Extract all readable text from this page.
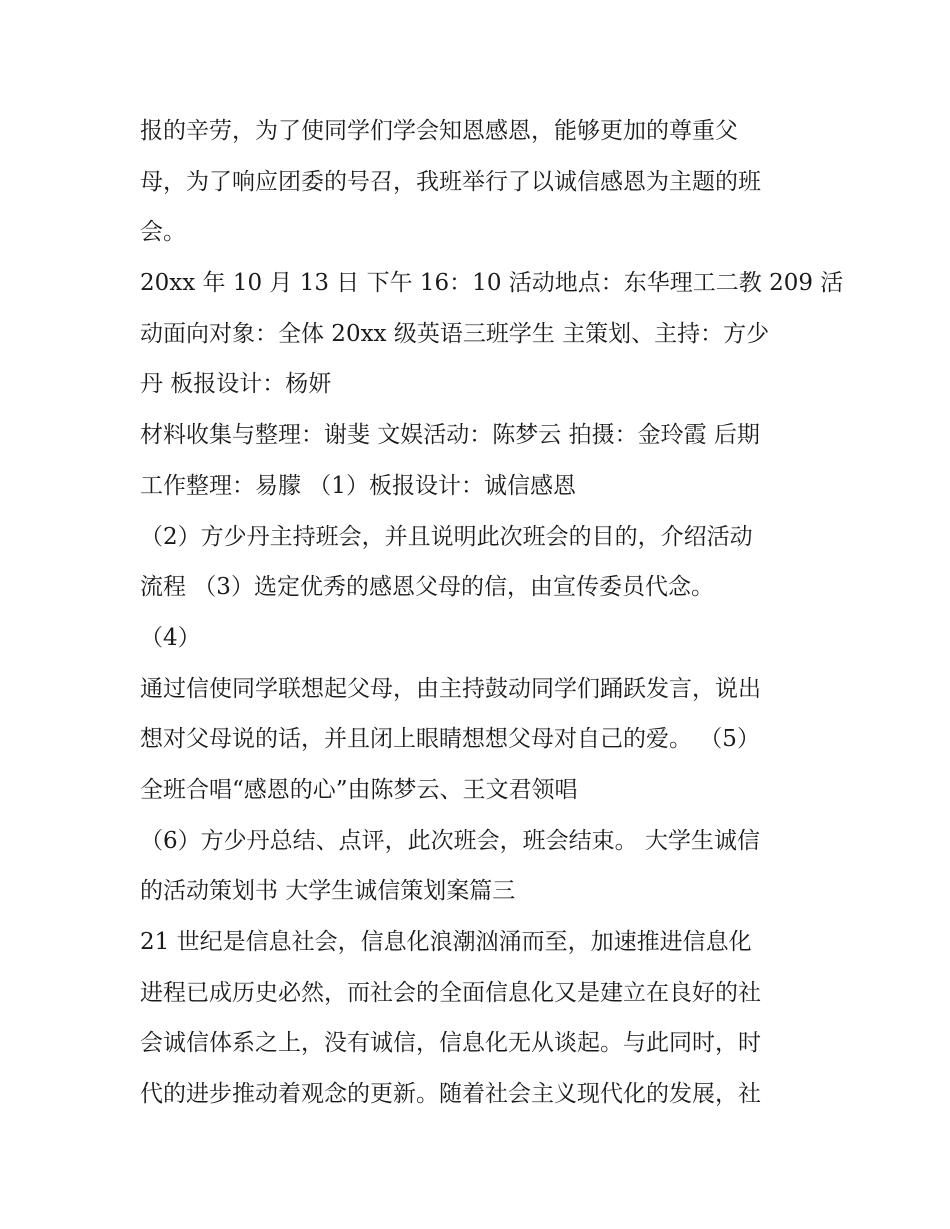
报的辛劳，为了使同学们学会知恩感恩，能够更加的尊重父
母，为了响应团委的号召，我班举行了以诚信感恩为主题的班
会。
20xx 年 10 月 13 日 下午 16：10 活动地点：东华理工二教 209 活
动面向对象：全体 20xx 级英语三班学生 主策划、主持：方少
丹 板报设计：杨妍
材料收集与整理：谢斐 文娱活动：陈梦云 拍摄：金玲霞 后期
工作整理：易朦 （1）板报设计：诚信感恩
（2）方少丹主持班会，并且说明此次班会的目的，介绍活动
流程 （3）选定优秀的感恩父母的信，由宣传委员代念。
（4）
通过信使同学联想起父母，由主持鼓动同学们踊跃发言，说出
想对父母说的话，并且闭上眼睛想想父母对自己的爱。 （5）
全班合唱“感恩的心”由陈梦云、王文君领唱
（6）方少丹总结、点评，此次班会，班会结束。 大学生诚信
的活动策划书 大学生诚信策划案篇三
21 世纪是信息社会，信息化浪潮汹涌而至，加速推进信息化
进程已成历史必然，而社会的全面信息化又是建立在良好的社
会诚信体系之上，没有诚信，信息化无从谈起。与此同时，时
代的进步推动着观念的更新。随着社会主义现代化的发展，社
